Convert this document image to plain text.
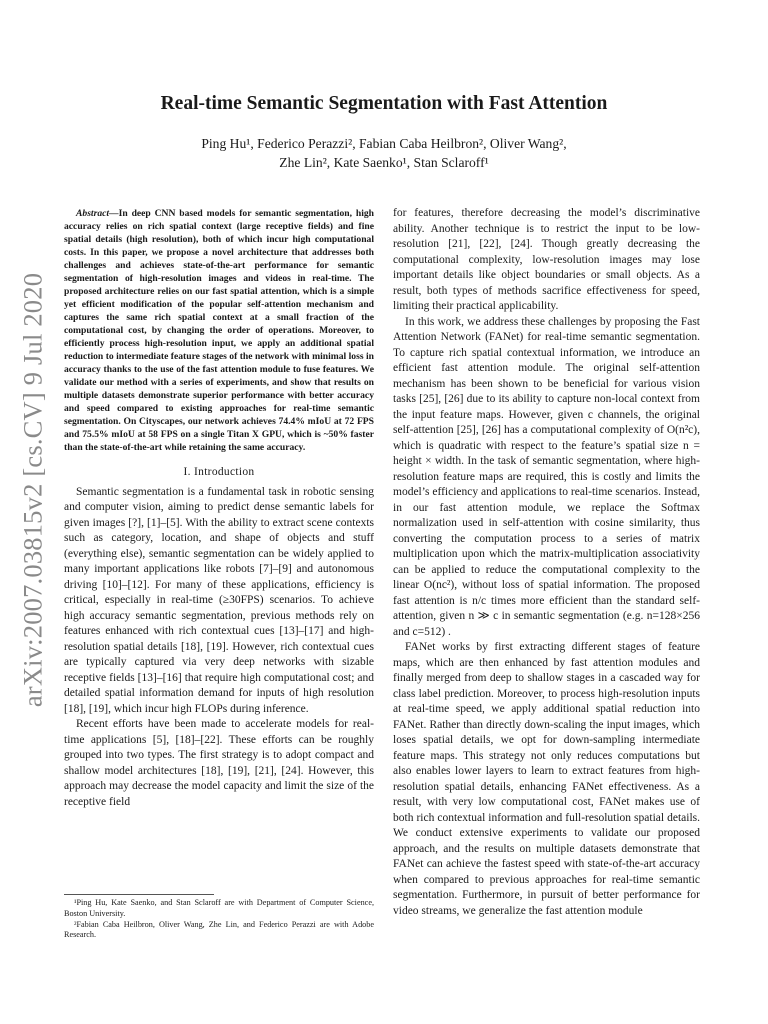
arXiv:2007.03815v2 [cs.CV] 9 Jul 2020
Real-time Semantic Segmentation with Fast Attention
Ping Hu¹, Federico Perazzi², Fabian Caba Heilbron², Oliver Wang²,
Zhe Lin², Kate Saenko¹, Stan Sclaroff¹

Abstract—In deep CNN based models for semantic segmentation, high accuracy relies on rich spatial context (large receptive fields) and fine spatial details (high resolution), both of which incur high computational costs. In this paper, we propose a novel architecture that addresses both challenges and achieves state-of-the-art performance for semantic segmentation of high-resolution images and videos in real-time. The proposed architecture relies on our fast spatial attention, which is a simple yet efficient modification of the popular self-attention mechanism and captures the same rich spatial context at a small fraction of the computational cost, by changing the order of operations. Moreover, to efficiently process high-resolution input, we apply an additional spatial reduction to intermediate feature stages of the network with minimal loss in accuracy thanks to the use of the fast attention module to fuse features. We validate our method with a series of experiments, and show that results on multiple datasets demonstrate superior performance with better accuracy and speed compared to existing approaches for real-time semantic segmentation. On Cityscapes, our network achieves 74.4% mIoU at 72 FPS and 75.5% mIoU at 58 FPS on a single Titan X GPU, which is ~50% faster than the state-of-the-art while retaining the same accuracy.

I. Introduction

Semantic segmentation is a fundamental task in robotic sensing and computer vision, aiming to predict dense semantic labels for given images [?], [1]–[5]. With the ability to extract scene contexts such as category, location, and shape of objects and stuff (everything else), semantic segmentation can be widely applied to many important applications like robots [7]–[9] and autonomous driving [10]–[12]. For many of these applications, efficiency is critical, especially in real-time (≥30FPS) scenarios. To achieve high accuracy semantic segmentation, previous methods rely on features enhanced with rich contextual cues [13]–[17] and high-resolution spatial details [18], [19]. However, rich contextual cues are typically captured via very deep networks with sizable receptive fields [13]–[16] that require high computational cost; and detailed spatial information demand for inputs of high resolution [18], [19], which incur high FLOPs during inference.

Recent efforts have been made to accelerate models for real-time applications [5], [18]–[22]. These efforts can be roughly grouped into two types. The first strategy is to adopt compact and shallow model architectures [18], [19], [21], [24]. However, this approach may decrease the model capacity and limit the size of the receptive field

¹Ping Hu, Kate Saenko, and Stan Sclaroff are with Department of Computer Science, Boston University.

²Fabian Caba Heilbron, Oliver Wang, Zhe Lin, and Federico Perazzi are with Adobe Research.

for features, therefore decreasing the model’s discriminative ability. Another technique is to restrict the input to be low-resolution [21], [22], [24]. Though greatly decreasing the computational complexity, low-resolution images may lose important details like object boundaries or small objects. As a result, both types of methods sacrifice effectiveness for speed, limiting their practical applicability.

In this work, we address these challenges by proposing the Fast Attention Network (FANet) for real-time semantic segmentation. To capture rich spatial contextual information, we introduce an efficient fast attention module. The original self-attention mechanism has been shown to be beneficial for various vision tasks [25], [26] due to its ability to capture non-local context from the input feature maps. However, given c channels, the original self-attention [25], [26] has a computational complexity of O(n²c), which is quadratic with respect to the feature’s spatial size n = height × width. In the task of semantic segmentation, where high-resolution feature maps are required, this is costly and limits the model’s efficiency and applications to real-time scenarios. Instead, in our fast attention module, we replace the Softmax normalization used in self-attention with cosine similarity, thus converting the computation process to a series of matrix multiplication upon which the matrix-multiplication associativity can be applied to reduce the computational complexity to the linear O(nc²), without loss of spatial information. The proposed fast attention is n/c times more efficient than the standard self-attention, given n ≫ c in semantic segmentation (e.g. n=128×256 and c=512) .

FANet works by first extracting different stages of feature maps, which are then enhanced by fast attention modules and finally merged from deep to shallow stages in a cascaded way for class label prediction. Moreover, to process high-resolution inputs at real-time speed, we apply additional spatial reduction into FANet. Rather than directly down-scaling the input images, which loses spatial details, we opt for down-sampling intermediate feature maps. This strategy not only reduces computations but also enables lower layers to learn to extract features from high-resolution spatial details, enhancing FANet effectiveness. As a result, with very low computational cost, FANet makes use of both rich contextual information and full-resolution spatial details. We conduct extensive experiments to validate our proposed approach, and the results on multiple datasets demonstrate that FANet can achieve the fastest speed with state-of-the-art accuracy when compared to previous approaches for real-time semantic segmentation. Furthermore, in pursuit of better performance for video streams, we generalize the fast attention module
